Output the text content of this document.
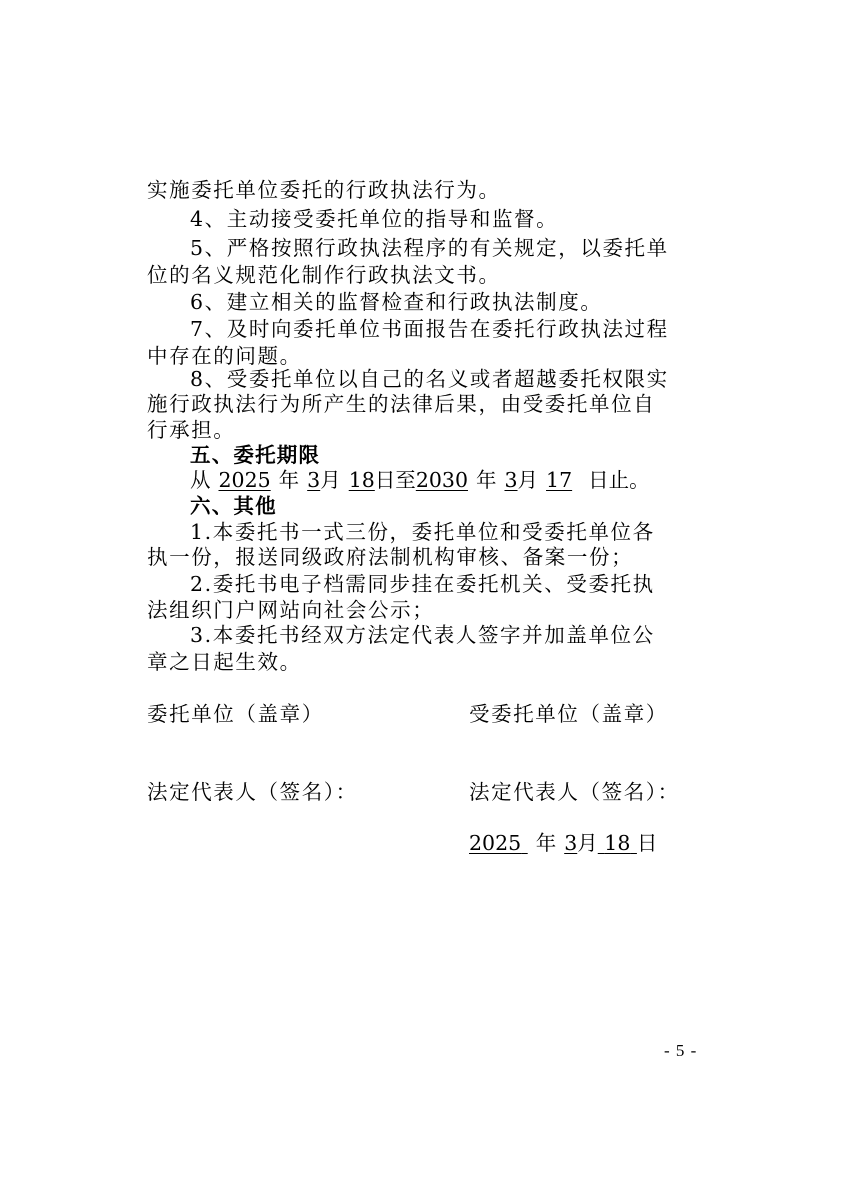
实施委托单位委托的行政执法行为。
4、主动接受委托单位的指导和监督。
5、严格按照行政执法程序的有关规定，以委托单
位的名义规范化制作行政执法文书。
6、建立相关的监督检查和行政执法制度。
7、及时向委托单位书面报告在委托行政执法过程
中存在的问题。
8、受委托单位以自己的名义或者超越委托权限实
施行政执法行为所产生的法律后果，由受委托单位自
行承担。
五、委托期限
从 2025 年 3月 18日至2030 年 3月 17 日止。
六、其他
1.本委托书一式三份，委托单位和受委托单位各
执一份，报送同级政府法制机构审核、备案一份；
2.委托书电子档需同步挂在委托机关、受委托执
法组织门户网站向社会公示；
3.本委托书经双方法定代表人签字并加盖单位公
章之日起生效。
委托单位（盖章）	受委托单位（盖章）
法定代表人（签名）：	法定代表人（签名）：
2025 年 3月 18 日
- 5 -
